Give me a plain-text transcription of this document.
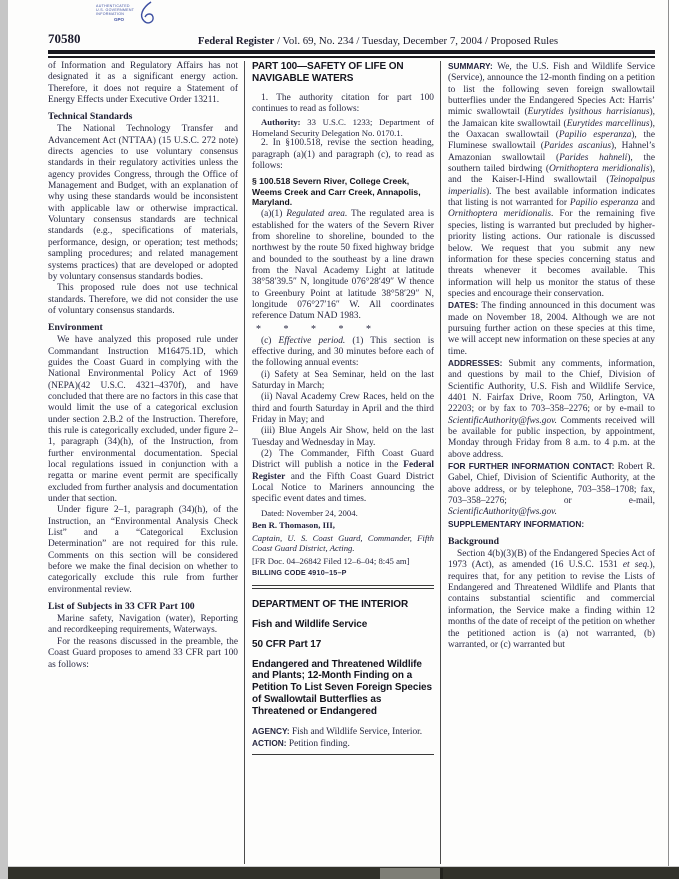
AUTHENTICATED
U.S. GOVERNMENT
INFORMATION
GPO
70580	Federal Register / Vol. 69, No. 234 / Tuesday, December 7, 2004 / Proposed Rules
of Information and Regulatory Affairs has not designated it as a significant energy action. Therefore, it does not require a Statement of Energy Effects under Executive Order 13211.
Technical Standards
The National Technology Transfer and Advancement Act (NTTAA) (15 U.S.C. 272 note) directs agencies to use voluntary consensus standards in their regulatory activities unless the agency provides Congress, through the Office of Management and Budget, with an explanation of why using these standards would be inconsistent with applicable law or otherwise impractical. Voluntary consensus standards are technical standards (e.g., specifications of materials, performance, design, or operation; test methods; sampling procedures; and related management systems practices) that are developed or adopted by voluntary consensus standards bodies.
This proposed rule does not use technical standards. Therefore, we did not consider the use of voluntary consensus standards.
Environment
We have analyzed this proposed rule under Commandant Instruction M16475.1D, which guides the Coast Guard in complying with the National Environmental Policy Act of 1969 (NEPA)(42 U.S.C. 4321–4370f), and have concluded that there are no factors in this case that would limit the use of a categorical exclusion under section 2.B.2 of the Instruction. Therefore, this rule is categorically excluded, under figure 2–1, paragraph (34)(h), of the Instruction, from further environmental documentation. Special local regulations issued in conjunction with a regatta or marine event permit are specifically excluded from further analysis and documentation under that section.
Under figure 2–1, paragraph (34)(h), of the Instruction, an “Environmental Analysis Check List” and a “Categorical Exclusion Determination” are not required for this rule. Comments on this section will be considered before we make the final decision on whether to categorically exclude this rule from further environmental review.
List of Subjects in 33 CFR Part 100
Marine safety, Navigation (water), Reporting and recordkeeping requirements, Waterways.
For the reasons discussed in the preamble, the Coast Guard proposes to amend 33 CFR part 100 as follows:
PART 100—SAFETY OF LIFE ON NAVIGABLE WATERS
1. The authority citation for part 100 continues to read as follows:
Authority: 33 U.S.C. 1233; Department of Homeland Security Delegation No. 0170.1.
2. In §100.518, revise the section heading, paragraph (a)(1) and paragraph (c), to read as follows:
§ 100.518 Severn River, College Creek, Weems Creek and Carr Creek, Annapolis, Maryland.
(a)(1) Regulated area. The regulated area is established for the waters of the Severn River from shoreline to shoreline, bounded to the northwest by the route 50 fixed highway bridge and bounded to the southeast by a line drawn from the Naval Academy Light at latitude 38°58′39.5″ N, longitude 076°28′49″ W thence to Greenbury Point at latitude 38°58′29″ N, longitude 076°27′16″ W. All coordinates reference Datum NAD 1983.
* * * * *
(c) Effective period. (1) This section is effective during, and 30 minutes before each of the following annual events:
(i) Safety at Sea Seminar, held on the last Saturday in March;
(ii) Naval Academy Crew Races, held on the third and fourth Saturday in April and the third Friday in May; and
(iii) Blue Angels Air Show, held on the last Tuesday and Wednesday in May.
(2) The Commander, Fifth Coast Guard District will publish a notice in the Federal Register and the Fifth Coast Guard District Local Notice to Mariners announcing the specific event dates and times.
Dated: November 24, 2004.
Ben R. Thomason, III,
Captain, U. S. Coast Guard, Commander, Fifth Coast Guard District, Acting.
[FR Doc. 04–26842 Filed 12–6–04; 8:45 am]
BILLING CODE 4910–15–P
DEPARTMENT OF THE INTERIOR
Fish and Wildlife Service
50 CFR Part 17
Endangered and Threatened Wildlife and Plants; 12-Month Finding on a Petition To List Seven Foreign Species of Swallowtail Butterflies as Threatened or Endangered
AGENCY: Fish and Wildlife Service, Interior.
ACTION: Petition finding.
SUMMARY: We, the U.S. Fish and Wildlife Service (Service), announce the 12-month finding on a petition to list the following seven foreign swallowtail butterflies under the Endangered Species Act: Harris’ mimic swallowtail (Eurytides lysithous harrisianus), the Jamaican kite swallowtail (Eurytides marcellinus), the Oaxacan swallowtail (Papilio esperanza), the Fluminese swallowtail (Parides ascanius), Hahnel’s Amazonian swallowtail (Parides hahneli), the southern tailed birdwing (Ornithoptera meridionalis), and the Kaiser-I-Hind swallowtail (Teinopalpus imperialis). The best available information indicates that listing is not warranted for Papilio esperanza and Ornithoptera meridionalis. For the remaining five species, listing is warranted but precluded by higher-priority listing actions. Our rationale is discussed below. We request that you submit any new information for these species concerning status and threats whenever it becomes available. This information will help us monitor the status of these species and encourage their conservation.
DATES: The finding announced in this document was made on November 18, 2004. Although we are not pursuing further action on these species at this time, we will accept new information on these species at any time.
ADDRESSES: Submit any comments, information, and questions by mail to the Chief, Division of Scientific Authority, U.S. Fish and Wildlife Service, 4401 N. Fairfax Drive, Room 750, Arlington, VA 22203; or by fax to 703–358–2276; or by e-mail to ScientificAuthority@fws.gov. Comments received will be available for public inspection, by appointment, Monday through Friday from 8 a.m. to 4 p.m. at the above address.
FOR FURTHER INFORMATION CONTACT: Robert R. Gabel, Chief, Division of Scientific Authority, at the above address, or by telephone, 703–358–1708; fax, 703–358–2276; or e-mail, ScientificAuthority@fws.gov.
SUPPLEMENTARY INFORMATION:
Background
Section 4(b)(3)(B) of the Endangered Species Act of 1973 (Act), as amended (16 U.S.C. 1531 et seq.), requires that, for any petition to revise the Lists of Endangered and Threatened Wildlife and Plants that contains substantial scientific and commercial information, the Service make a finding within 12 months of the date of receipt of the petition on whether the petitioned action is (a) not warranted, (b) warranted, or (c) warranted but
